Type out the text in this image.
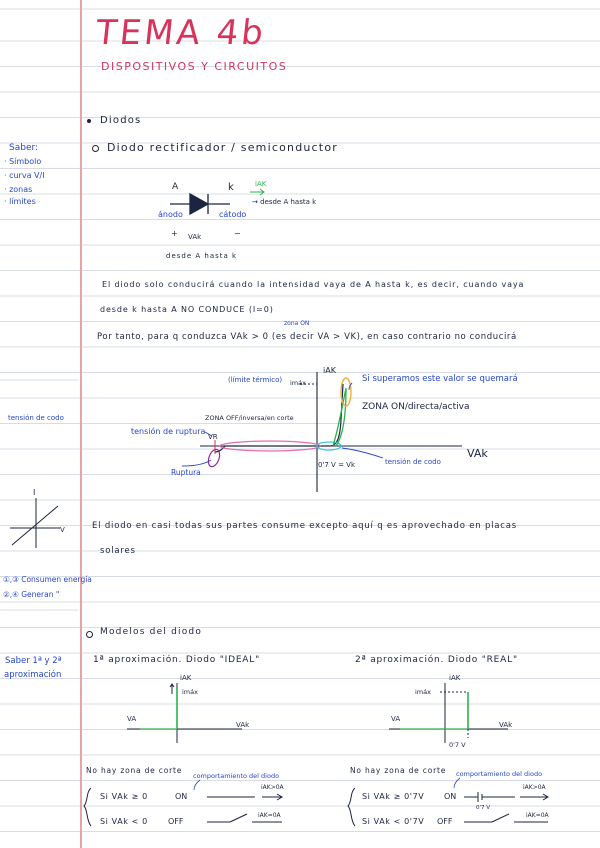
TEMA 4b
DISPOSITIVOS Y CIRCUITOS
Saber:
· Símbolo
· curva V/I
· zonas
· límites
tensión de codo
I
V
①,③ Consumen energía
②,④ Generan "
Saber 1ª y 2ª
aproximación
Diodos
Diodo rectificador / semiconductor
A	k	iAK
→ desde A hasta k
ánodo	cátodo
+	−
VAk
desde A hasta k
El diodo solo conducirá cuando la intensidad vaya de A hasta k, es decir, cuando vaya
desde k hasta A NO CONDUCE (I=0)
zona ON
Por tanto, para q conduzca VAk > 0 (es decir VA > VK), en caso contrario no conducirá
iAK
imáx
(límite térmico)	Si superamos este valor se quemará
ZONA ON/directa/activa
ZONA OFF/inversa/en corte
tensión de ruptura
VR
Ruptura
VAk
0'7 V = Vk	tensión de codo
El diodo en casi todas sus partes consume excepto aquí q es aprovechado en placas
solares
Modelos del diodo
1ª aproximación. Diodo "IDEAL"
iAK
imáx
VA
VAk
No hay zona de corte
comportamiento del diodo
Si VAk ≥ 0	ON
iAK>0A
Si VAk < 0	OFF
iAK=0A
2ª aproximación. Diodo "REAL"
iAK
imáx
VA
VAk
0'7 V
No hay zona de corte comportamiento del diodo
Si VAk ≥ 0'7V ON
0'7 V
iAK>0A
Si VAk < 0'7V OFF
iAK=0A
